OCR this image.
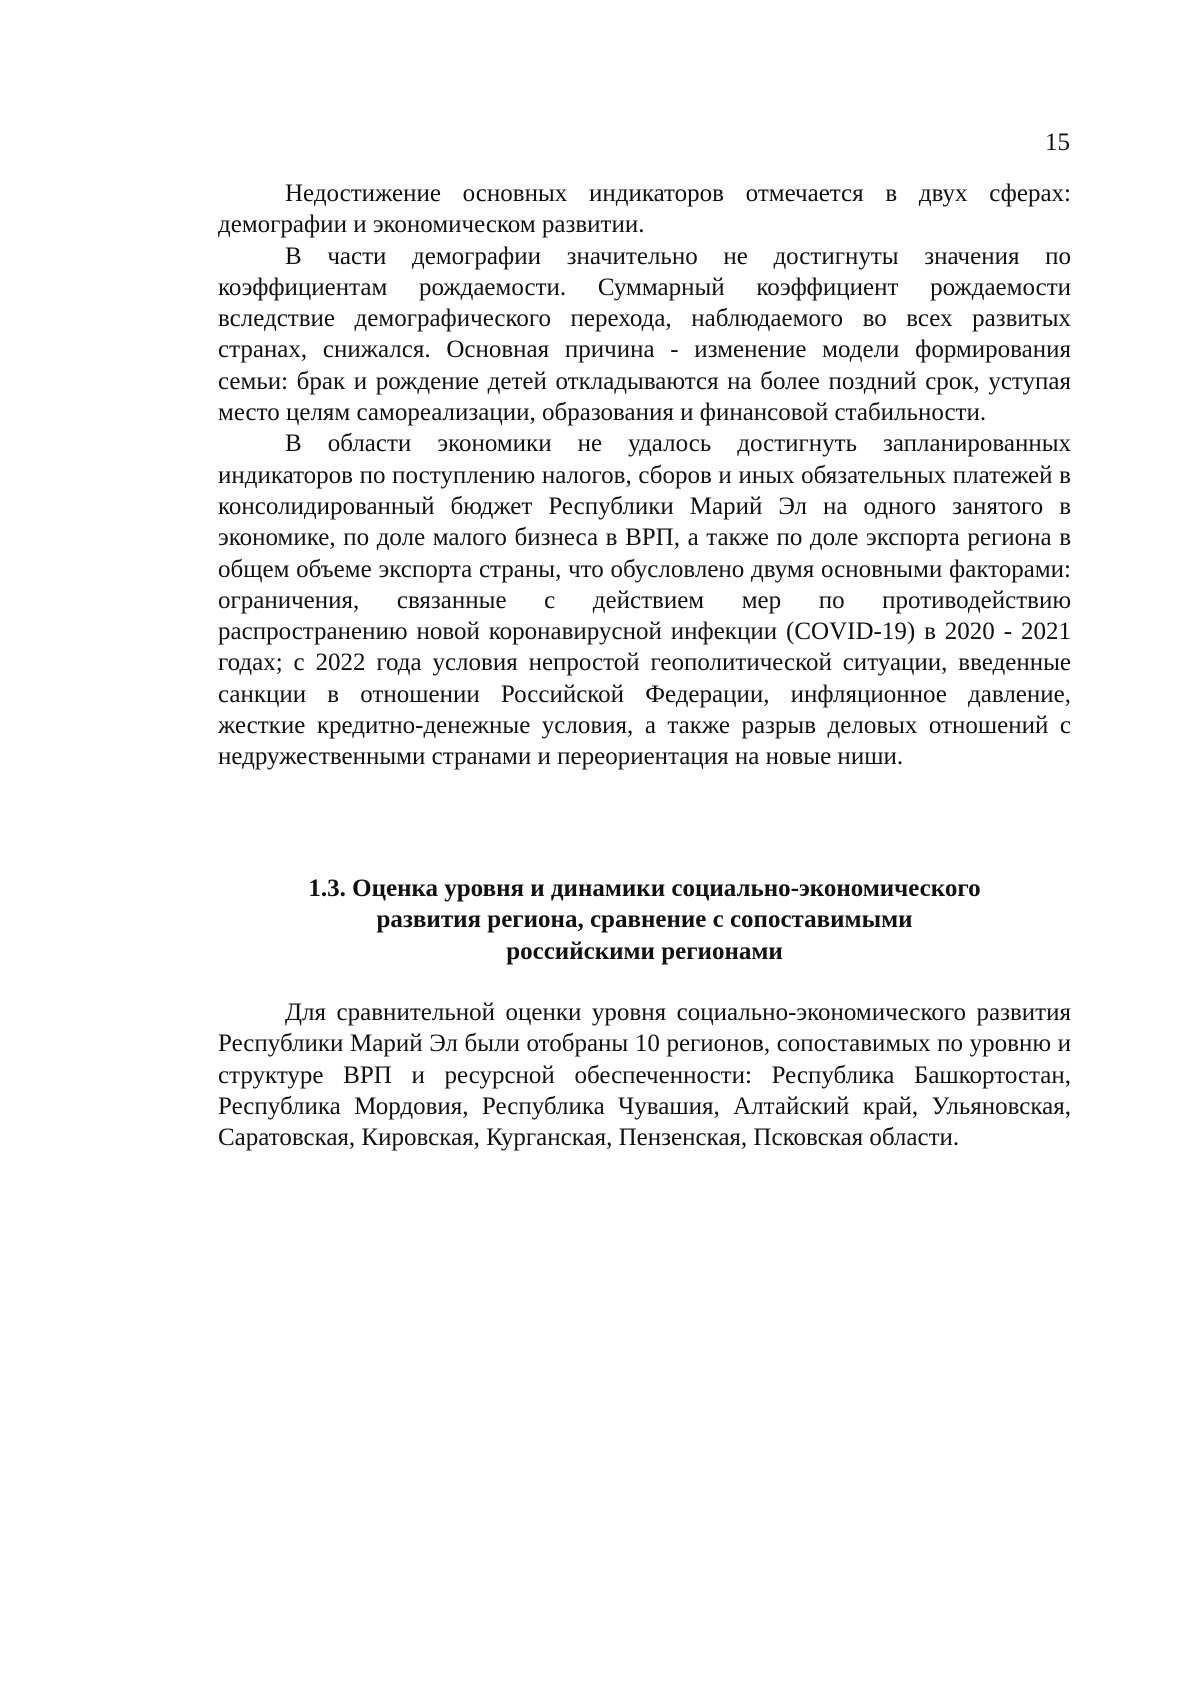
15

Недостижение основных индикаторов отмечается в двух сферах: демографии и экономическом развитии.

В части демографии значительно не достигнуты значения по коэффициентам рождаемости. Суммарный коэффициент рождаемости вследствие демографического перехода, наблюдаемого во всех развитых странах, снижался. Основная причина - изменение модели формирования семьи: брак и рождение детей откладываются на более поздний срок, уступая место целям самореализации, образования и финансовой стабильности.

В области экономики не удалось достигнуть запланированных индикаторов по поступлению налогов, сборов и иных обязательных платежей в консолидированный бюджет Республики Марий Эл на одного занятого в экономике, по доле малого бизнеса в ВРП, а также по доле экспорта региона в общем объеме экспорта страны, что обусловлено двумя основными факторами: ограничения, связанные с действием мер по противодействию распространению новой коронавирусной инфекции (COVID-19) в 2020 - 2021 годах; с 2022 года условия непростой геополитической ситуации, введенные санкции в отношении Российской Федерации, инфляционное давление, жесткие кредитно-денежные условия, а также разрыв деловых отношений с недружественными странами и переориентация на новые ниши.

1.3. Оценка уровня и динамики социально-экономического
развития региона, сравнение с сопоставимыми
российскими регионами

Для сравнительной оценки уровня социально-экономического развития Республики Марий Эл были отобраны 10 регионов, сопоставимых по уровню и структуре ВРП и ресурсной обеспеченности: Республика Башкортостан, Республика Мордовия, Республика Чувашия, Алтайский край, Ульяновская, Саратовская, Кировская, Курганская, Пензенская, Псковская области.
